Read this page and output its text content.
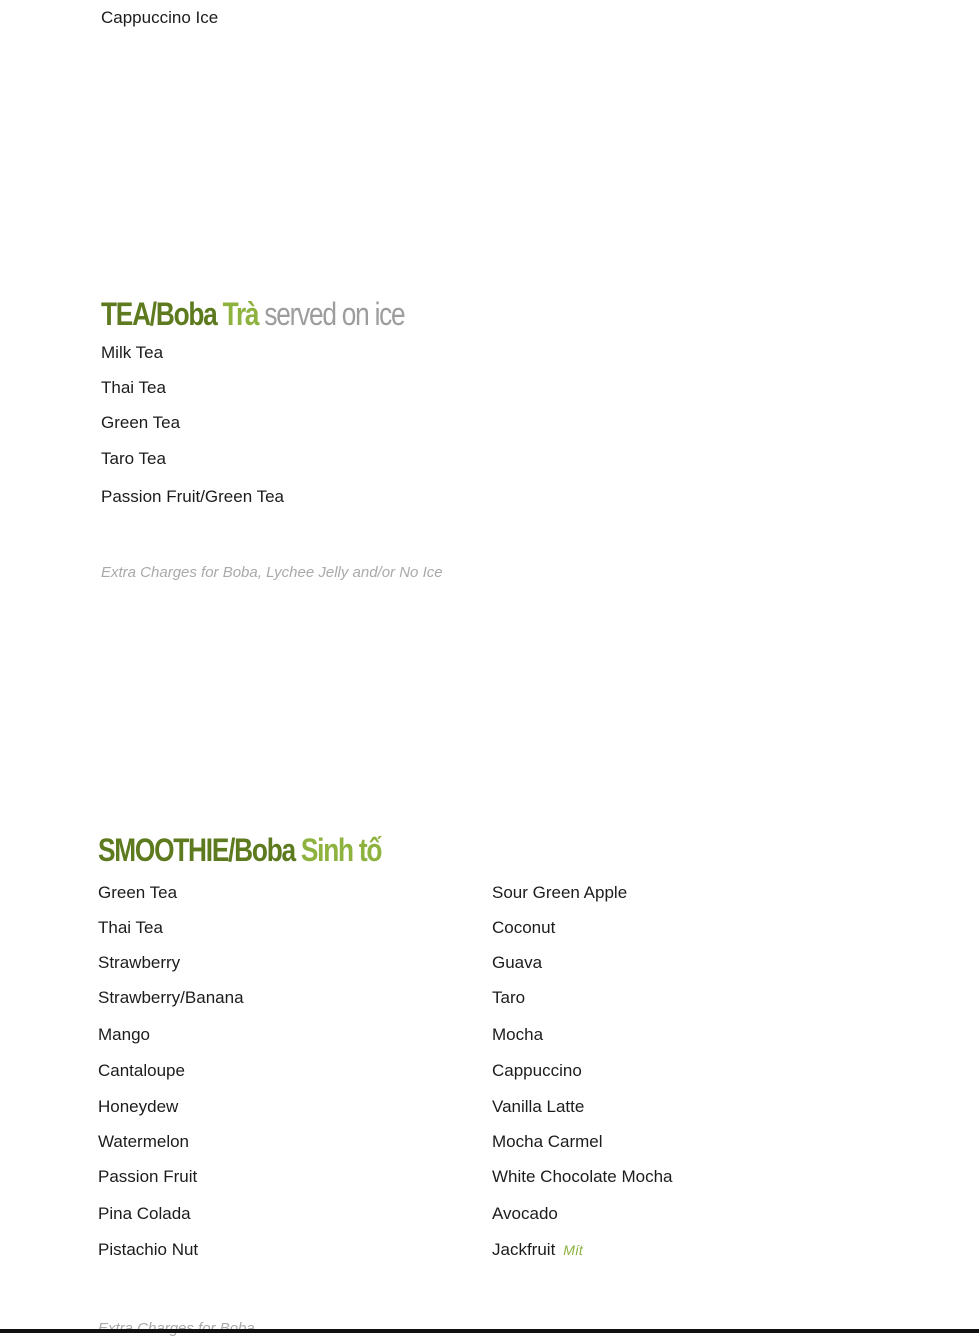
Cappuccino Ice
TEA/Boba Trà served on ice
Milk Tea
Thai Tea
Green Tea
Taro Tea
Passion Fruit/Green Tea
Extra Charges for Boba, Lychee Jelly and/or No Ice
SMOOTHIE/Boba Sinh tố
Green Tea
Thai Tea
Strawberry
Strawberry/Banana
Mango
Cantaloupe
Honeydew
Watermelon
Passion Fruit
Pina Colada
Pistachio Nut
Sour Green Apple
Coconut
Guava
Taro
Mocha
Cappuccino
Vanilla Latte
Mocha Carmel
White Chocolate Mocha
Avocado
Jackfruit Mít
